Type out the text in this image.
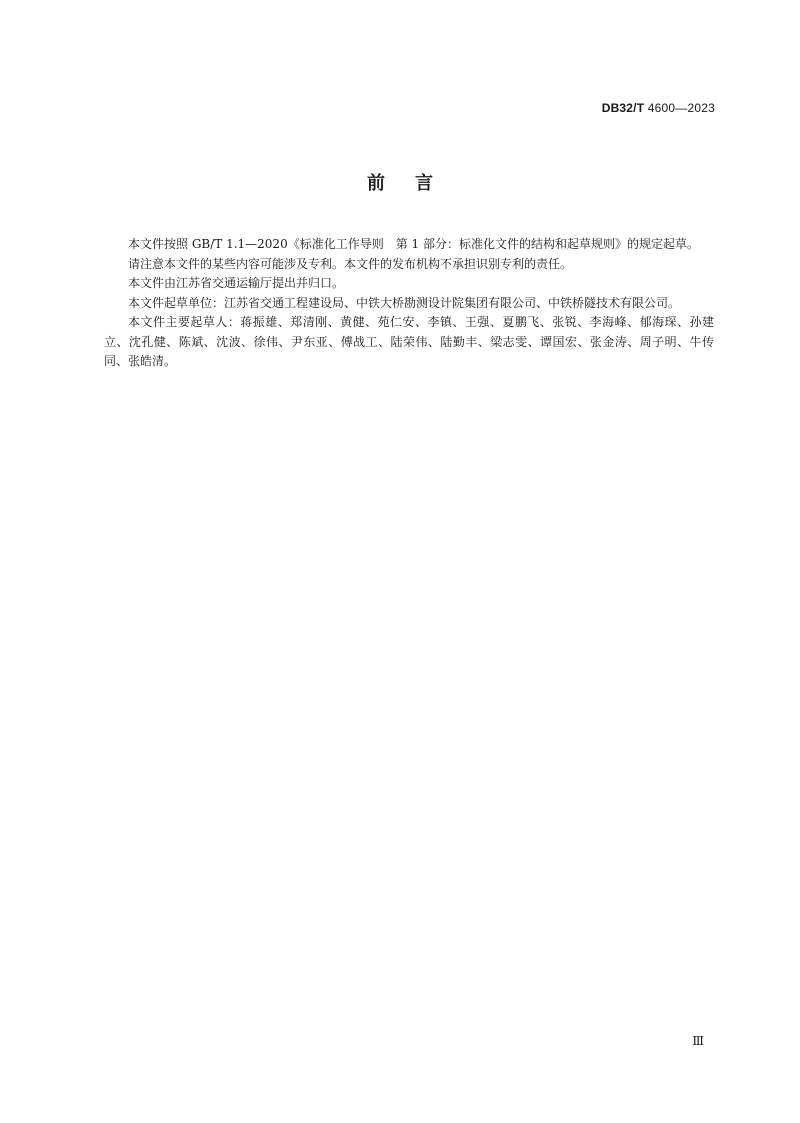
DB32/T 4600—2023
前言

本文件按照 GB/T 1.1—2020《标准化工作导则　第 1 部分：标准化文件的结构和起草规则》的规定起草。

请注意本文件的某些内容可能涉及专利。本文件的发布机构不承担识别专利的责任。

本文件由江苏省交通运输厅提出并归口。

本文件起草单位：江苏省交通工程建设局、中铁大桥勘测设计院集团有限公司、中铁桥隧技术有限公司。

本文件主要起草人：蒋振雄、郑清刚、黄健、苑仁安、李镇、王强、夏鹏飞、张锐、李海峰、郁海琛、孙建立、沈孔健、陈斌、沈波、徐伟、尹东亚、傅战工、陆荣伟、陆勤丰、梁志雯、谭国宏、张金涛、周子明、牛传同、张皓清。

Ⅲ
